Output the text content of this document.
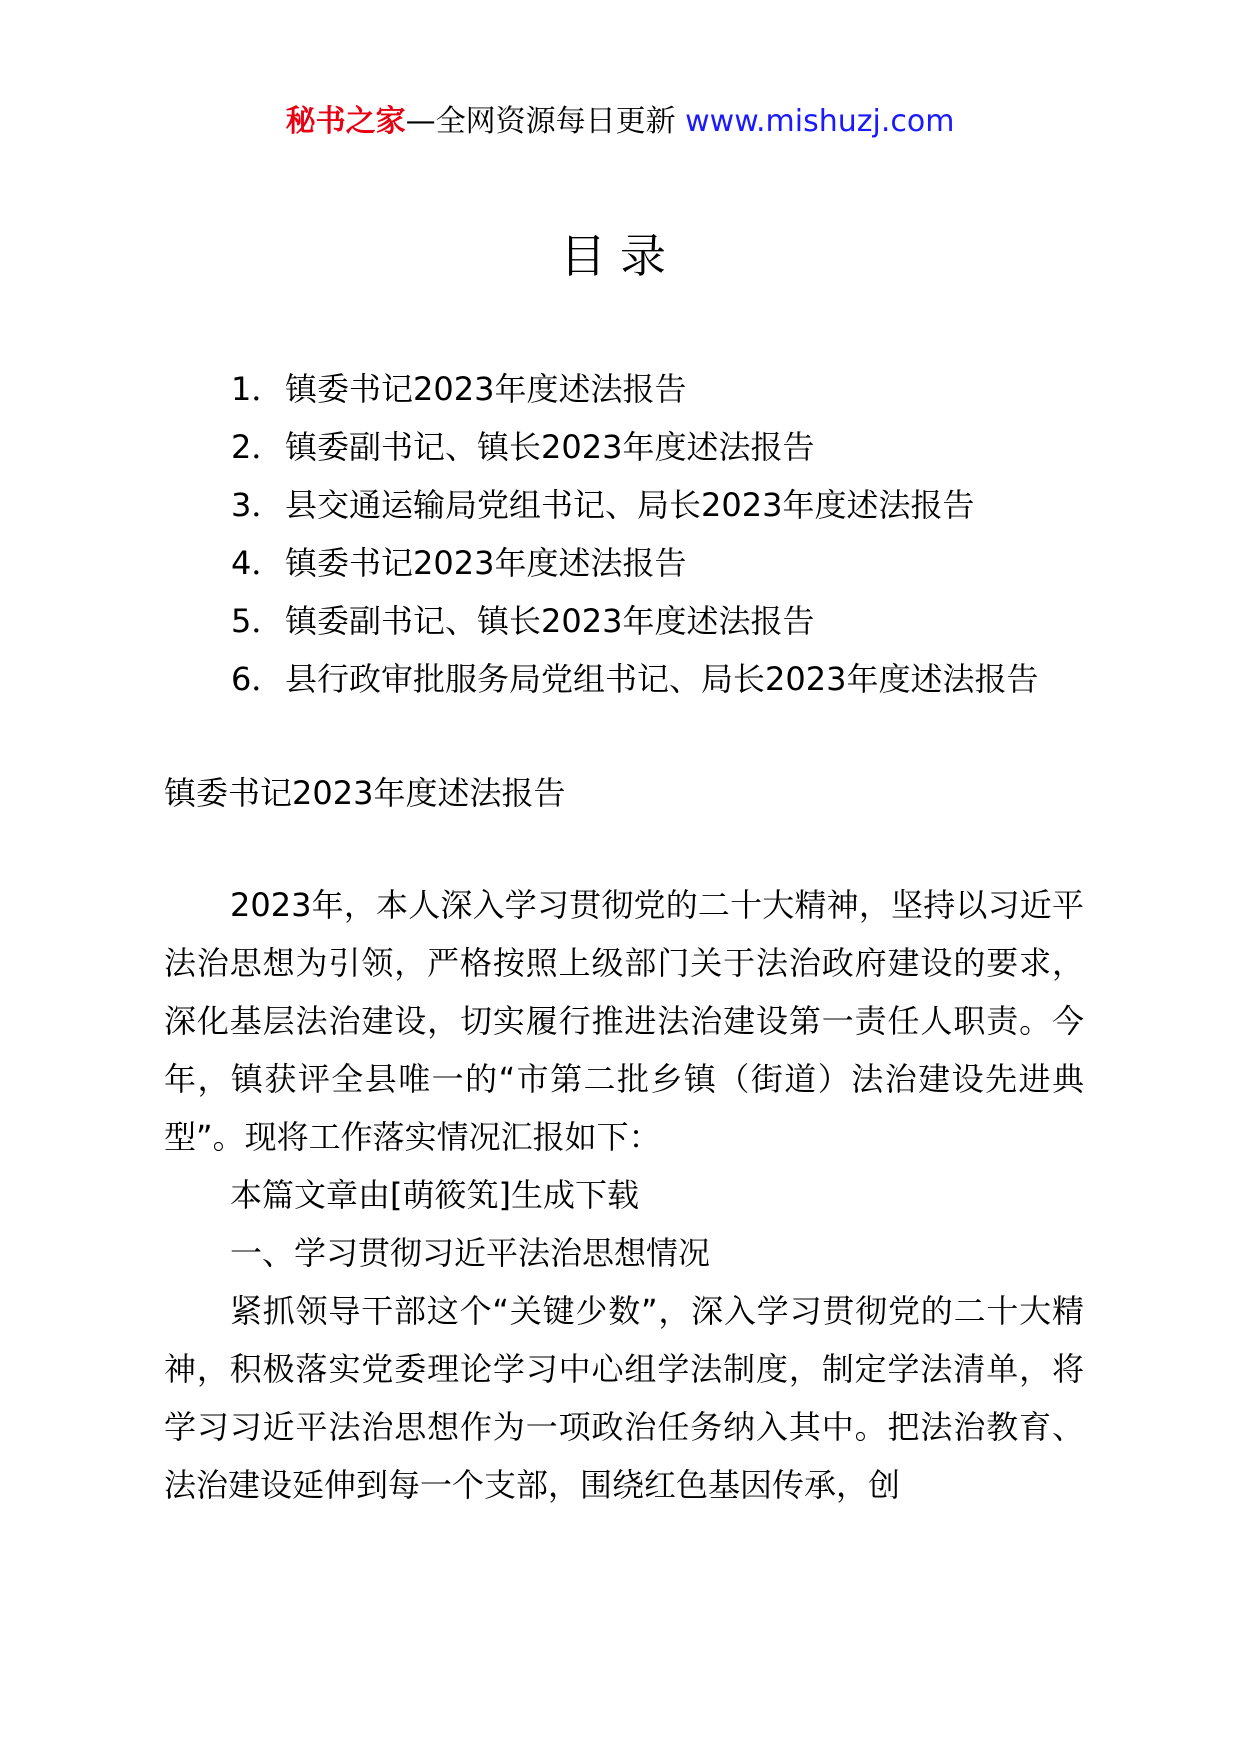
秘书之家—全网资源每日更新 www.mishuzj.com
目录
1．镇委书记2023年度述法报告
2．镇委副书记、镇长2023年度述法报告
3．县交通运输局党组书记、局长2023年度述法报告
4．镇委书记2023年度述法报告
5．镇委副书记、镇长2023年度述法报告
6．县行政审批服务局党组书记、局长2023年度述法报告
镇委书记2023年度述法报告

2023年，本人深入学习贯彻党的二十大精神，坚持以习近平法治思想为引领，严格按照上级部门关于法治政府建设的要求，深化基层法治建设，切实履行推进法治建设第一责任人职责。今年，镇获评全县唯一的“市第二批乡镇（街道）法治建设先进典型”。现将工作落实情况汇报如下：

本篇文章由[萌筱笂]生成下载

一、学习贯彻习近平法治思想情况

紧抓领导干部这个“关键少数”，深入学习贯彻党的二十大精神，积极落实党委理论学习中心组学法制度，制定学法清单，将学习习近平法治思想作为一项政治任务纳入其中。把法治教育、法治建设延伸到每一个支部，围绕红色基因传承，创
